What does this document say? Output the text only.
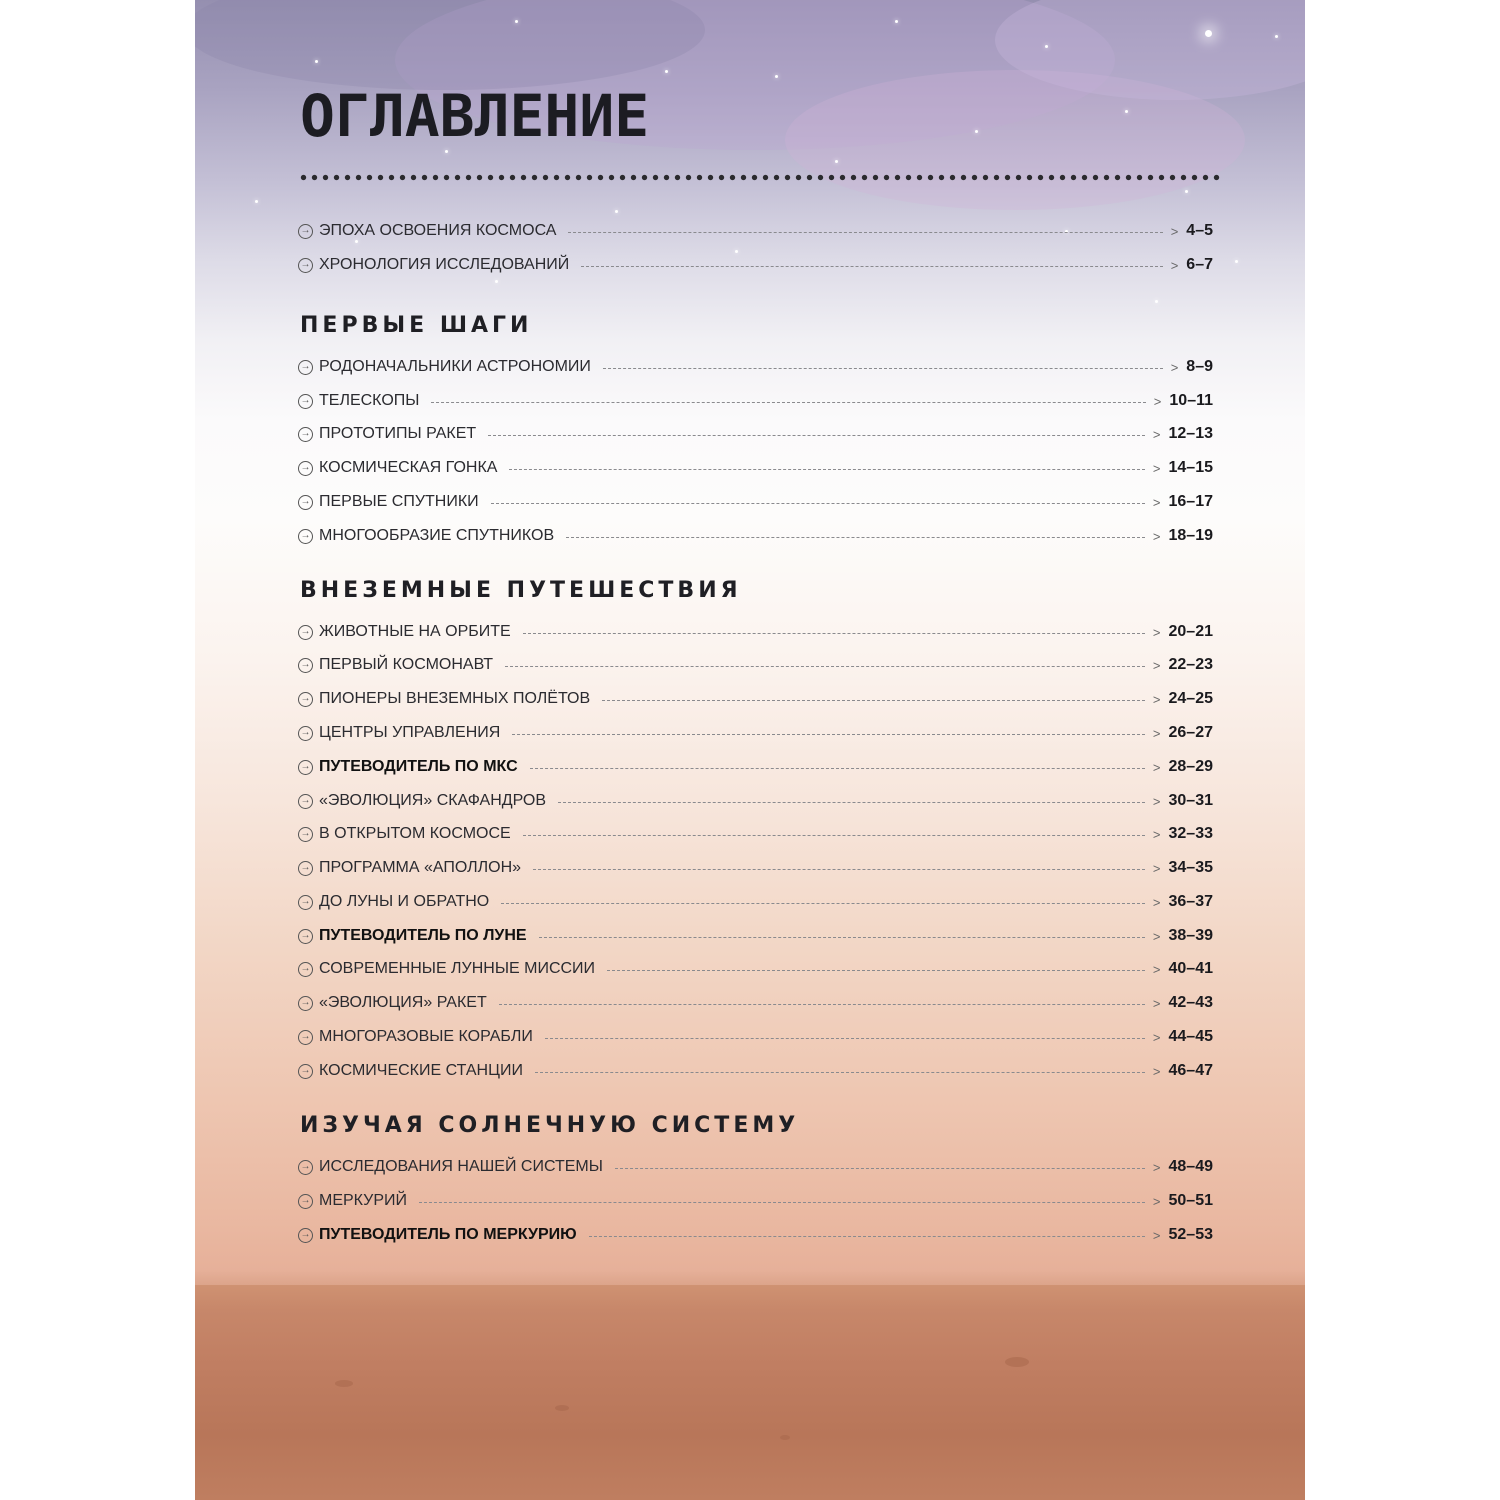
ОГЛАВЛЕНИЕ
→ ЭПОХА ОСВОЕНИЯ КОСМОСА	> 4–5
→ ХРОНОЛОГИЯ ИССЛЕДОВАНИЙ	> 6–7
ПЕРВЫЕ ШАГИ
→ РОДОНАЧАЛЬНИКИ АСТРОНОМИИ	> 8–9
→ ТЕЛЕСКОПЫ	> 10–11
→ ПРОТОТИПЫ РАКЕТ	> 12–13
→ КОСМИЧЕСКАЯ ГОНКА	> 14–15
→ ПЕРВЫЕ СПУТНИКИ	> 16–17
→ МНОГООБРАЗИЕ СПУТНИКОВ	> 18–19
ВНЕЗЕМНЫЕ ПУТЕШЕСТВИЯ
→ ЖИВОТНЫЕ НА ОРБИТЕ	> 20–21
→ ПЕРВЫЙ КОСМОНАВТ	> 22–23
→ ПИОНЕРЫ ВНЕЗЕМНЫХ ПОЛЁТОВ	> 24–25
→ ЦЕНТРЫ УПРАВЛЕНИЯ	> 26–27
→ ПУТЕВОДИТЕЛЬ ПО МКС	> 28–29
→ «ЭВОЛЮЦИЯ» СКАФАНДРОВ	> 30–31
→ В ОТКРЫТОМ КОСМОСЕ	> 32–33
→ ПРОГРАММА «АПОЛЛОН»	> 34–35
→ ДО ЛУНЫ И ОБРАТНО	> 36–37
→ ПУТЕВОДИТЕЛЬ ПО ЛУНЕ	> 38–39
→ СОВРЕМЕННЫЕ ЛУННЫЕ МИССИИ	> 40–41
→ «ЭВОЛЮЦИЯ» РАКЕТ	> 42–43
→ МНОГОРАЗОВЫЕ КОРАБЛИ	> 44–45
→ КОСМИЧЕСКИЕ СТАНЦИИ	> 46–47
ИЗУЧАЯ СОЛНЕЧНУЮ СИСТЕМУ
→ ИССЛЕДОВАНИЯ НАШЕЙ СИСТЕМЫ	> 48–49
→ МЕРКУРИЙ	> 50–51
→ ПУТЕВОДИТЕЛЬ ПО МЕРКУРИЮ	> 52–53
